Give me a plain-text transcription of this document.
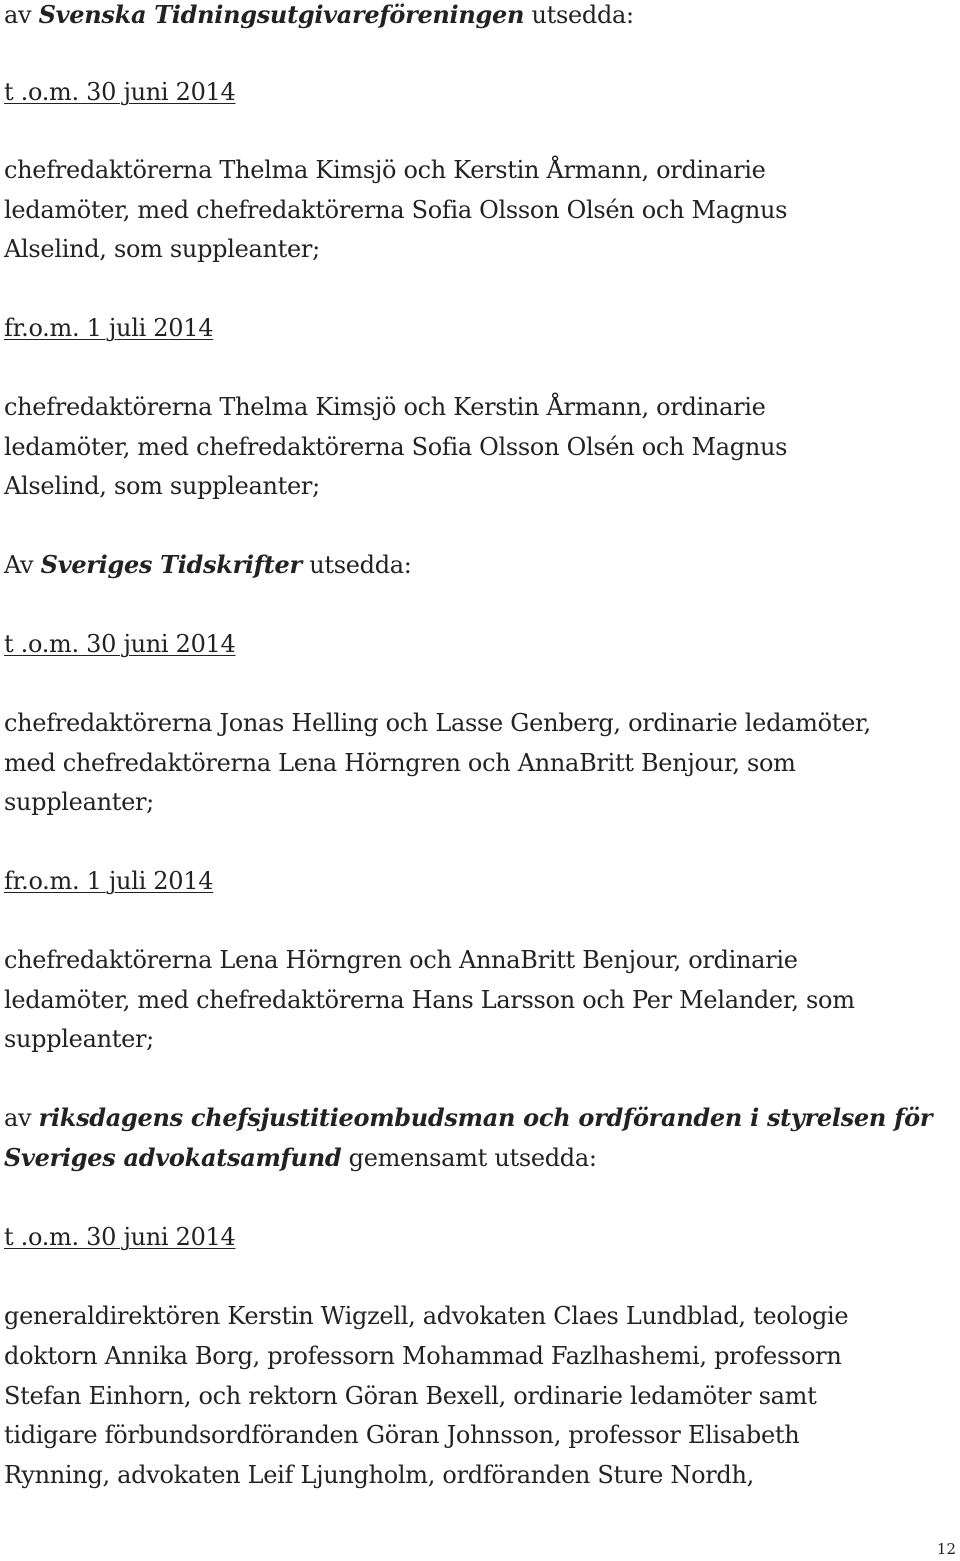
av Svenska Tidningsutgivareföreningen utsedda:
t .o.m. 30 juni 2014
chefredaktörerna Thelma Kimsjö och Kerstin Årmann, ordinarie
ledamöter, med chefredaktörerna Sofia Olsson Olsén och Magnus
Alselind, som suppleanter;
fr.o.m. 1 juli 2014
chefredaktörerna Thelma Kimsjö och Kerstin Årmann, ordinarie
ledamöter, med chefredaktörerna Sofia Olsson Olsén och Magnus
Alselind, som suppleanter;
Av Sveriges Tidskrifter utsedda:
t .o.m. 30 juni 2014
chefredaktörerna Jonas Helling och Lasse Genberg, ordinarie ledamöter,
med chefredaktörerna Lena Hörngren och AnnaBritt Benjour, som
suppleanter;
fr.o.m. 1 juli 2014
chefredaktörerna Lena Hörngren och AnnaBritt Benjour, ordinarie
ledamöter, med chefredaktörerna Hans Larsson och Per Melander, som
suppleanter;
av riksdagens chefsjustitieombudsman och ordföranden i styrelsen för
Sveriges advokatsamfund gemensamt utsedda:
t .o.m. 30 juni 2014
generaldirektören Kerstin Wigzell, advokaten Claes Lundblad, teologie
doktorn Annika Borg, professorn Mohammad Fazlhashemi, professorn
Stefan Einhorn, och rektorn Göran Bexell, ordinarie ledamöter samt
tidigare förbundsordföranden Göran Johnsson, professor Elisabeth
Rynning, advokaten Leif Ljungholm, ordföranden Sture Nordh,
12
